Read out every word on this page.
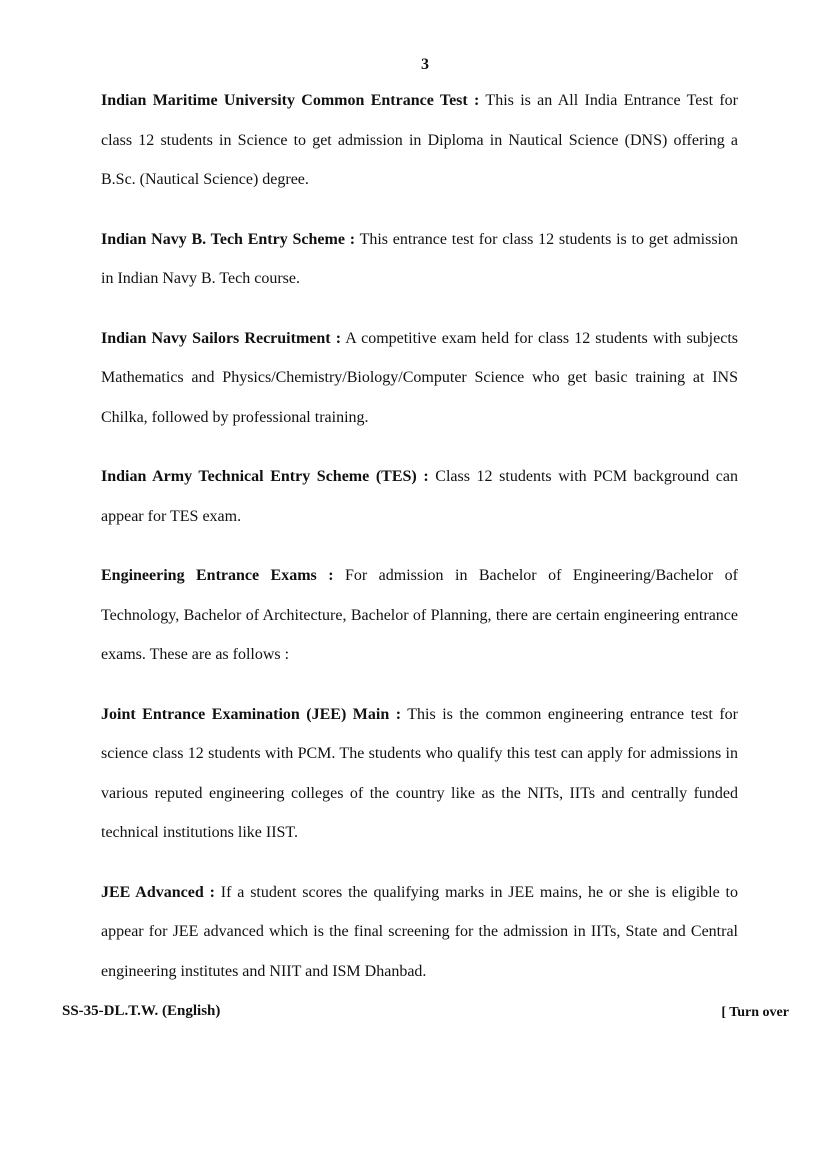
3

Indian Maritime University Common Entrance Test : This is an All India Entrance Test for class 12 students in Science to get admission in Diploma in Nautical Science (DNS) offering a B.Sc. (Nautical Science) degree.

Indian Navy B. Tech Entry Scheme : This entrance test for class 12 students is to get admission in Indian Navy B. Tech course.

Indian Navy Sailors Recruitment : A competitive exam held for class 12 students with subjects Mathematics and Physics/Chemistry/Biology/Computer Science who get basic training at INS Chilka, followed by professional training.

Indian Army Technical Entry Scheme (TES) : Class 12 students with PCM background can appear for TES exam.

Engineering Entrance Exams : For admission in Bachelor of Engineering/Bachelor of Technology, Bachelor of Architecture, Bachelor of Planning, there are certain engineering entrance exams. These are as follows :

Joint Entrance Examination (JEE) Main : This is the common engineering entrance test for science class 12 students with PCM. The students who qualify this test can apply for admissions in various reputed engineering colleges of the country like as the NITs, IITs and centrally funded technical institutions like IIST.

JEE Advanced : If a student scores the qualifying marks in JEE mains, he or she is eligible to appear for JEE advanced which is the final screening for the admission in IITs, State and Central engineering institutes and NIIT and ISM Dhanbad.

SS-35-DL.T.W. (English)	[ Turn over
